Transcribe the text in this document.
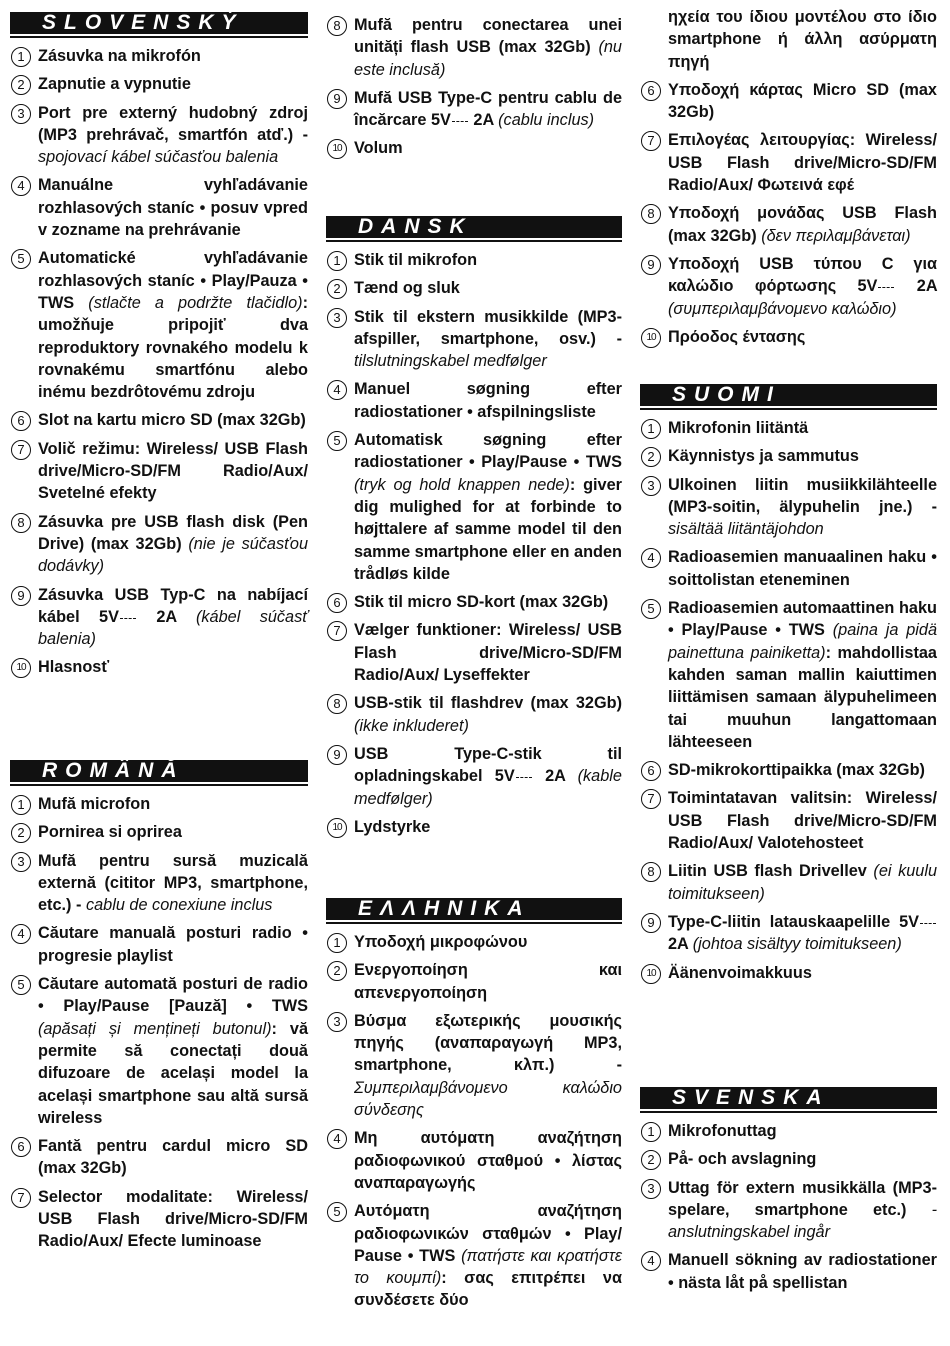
SLOVENSKÝ
1 Zásuvka na mikrofón
2 Zapnutie a vypnutie
3 Port pre externý hudobný zdroj (MP3 prehrávač, smartfón atď.) - spojovací kábel súčasťou balenia
4 Manuálne vyhľadávanie rozhlasových staníc • posuv vpred v zozname na prehrávanie
5 Automatické vyhľadávanie rozhlasových staníc • Play/Pauza • TWS (stlačte a podržte tlačidlo): umožňuje pripojiť dva reproduktory rovnakého modelu k rovnakému smartfónu alebo inému bezdrôtovému zdroju
6 Slot na kartu micro SD (max 32Gb)
7 Volič režimu: Wireless/ USB Flash drive/Micro-SD/FM Radio/Aux/ Svetelné efekty
8 Zásuvka pre USB flash disk (Pen Drive) (max 32Gb) (nie je súčasťou dodávky)
9 Zásuvka USB Typ-C na nabíjací kábel 5V 2A (kábel súčasť balenia)
10 Hlasnosť
ROMÂNĂ
1 Mufă microfon
2 Pornirea si oprirea
3 Mufă pentru sursă muzicală externă (cititor MP3, smartphone, etc.) - cablu de conexiune inclus
4 Căutare manuală posturi radio • progresie playlist
5 Căutare automată posturi de radio • Play/Pause [Pauză] • TWS (apăsați și mențineți butonul): vă permite să conectați două difuzoare de același model la același smartphone sau altă sursă wireless
6 Fantă pentru cardul micro SD (max 32Gb)
7 Selector modalitate: Wireless/ USB Flash drive/Micro-SD/FM Radio/Aux/ Efecte luminoase
8 Mufă pentru conectarea unei unități flash USB (max 32Gb) (nu este inclusă)
9 Mufă USB Type-C pentru cablu de încărcare 5V 2A (cablu inclus)
10 Volum
DANSK
1 Stik til mikrofon
2 Tænd og sluk
3 Stik til ekstern musikkilde (MP3-afspiller, smartphone, osv.) - tilslutningskabel medfølger
4 Manuel søgning efter radiostationer • afspilningsliste
5 Automatisk søgning efter radiostationer • Play/Pause • TWS (tryk og hold knappen nede): giver dig mulighed for at forbinde to højttalere af samme model til den samme smartphone eller en anden trådløs kilde
6 Stik til micro SD-kort (max 32Gb)
7 Vælger funktioner: Wireless/ USB Flash drive/Micro-SD/FM Radio/Aux/ Lyseffekter
8 USB-stik til flashdrev (max 32Gb) (ikke inkluderet)
9 USB Type-C-stik til opladningskabel 5V 2A (kable medfølger)
10 Lydstyrke
ΕΛΛΗΝΙΚΑ
1 Υποδοχή μικροφώνου
2 Ενεργοποίηση και απενεργοποίηση
3 Βύσμα εξωτερικής μουσικής πηγής (αναπαραγωγή MP3, smartphone, κλπ.) - Συμπεριλαμβάνομενο καλώδιο σύνδεσης
4 Μη αυτόματη αναζήτηση ραδιοφωνικού σταθμού • λίστας αναπαραγωγής
5 Αυτόματη αναζήτηση ραδιοφωνικών σταθμών • Play/ Pause • TWS (πατήστε και κρατήστε το κουμπί): σας επιτρέπει να συνδέσετε δύο
ηχεία του ίδιου μοντέλου στο ίδιο smartphone ή άλλη ασύρματη πηγή
6 Υποδοχή κάρτας Micro SD (max 32Gb)
7 Επιλογέας λειτουργίας: Wireless/ USB Flash drive/Micro-SD/FM Radio/Aux/ Φωτεινά εφέ
8 Υποδοχή μονάδας USB Flash (max 32Gb) (δεν περιλαμβάνεται)
9 Υποδοχή USB τύπου C για καλώδιο φόρτωσης 5V 2A (συμπεριλαμβάνομενο καλώδιο)
10 Πρόοδος έντασης
SUOMI
1 Mikrofonin liitäntä
2 Käynnistys ja sammutus
3 Ulkoinen liitin musiikkilähteelle (MP3-soitin, älypuhelin jne.) - sisältää liitäntäjohdon
4 Radioasemien manuaalinen haku • soittolistan eteneminen
5 Radioasemien automaattinen haku • Play/Pause • TWS (paina ja pidä painettuna painiketta): mahdollistaa kahden saman mallin kaiuttimen liittämisen samaan älypuhelimeen tai muuhun langattomaan lähteeseen
6 SD-mikrokorttipaikka (max 32Gb)
7 Toimintatavan valitsin: Wireless/ USB Flash drive/Micro-SD/FM Radio/Aux/ Valotehosteet
8 Liitin USB flash Drivellev (ei kuulu toimitukseen)
9 Type-C-liitin latauskaapelille 5V 2A (johtoa sisältyy toimitukseen)
10 Äänenvoimakkuus
SVENSKA
1 Mikrofonuttag
2 På- och avslagning
3 Uttag för extern musikkälla (MP3-spelare, smartphone etc.) - anslutningskabel ingår
4 Manuell sökning av radiostationer • nästa låt på spellistan
